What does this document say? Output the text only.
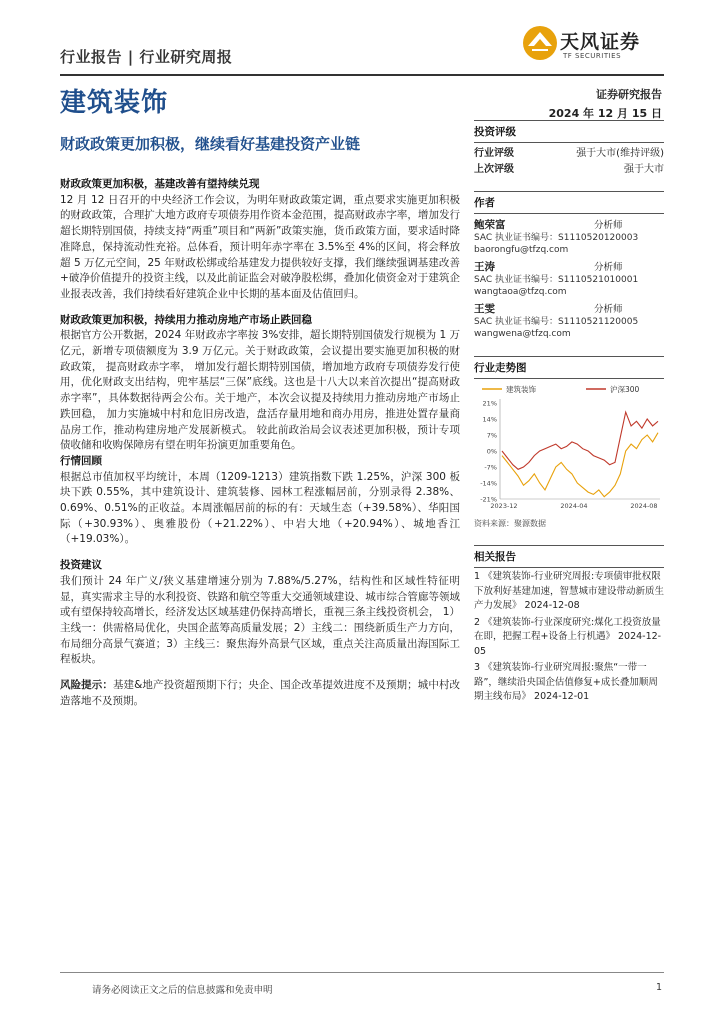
行业报告 | 行业研究周报
天风证券
TF SECURITIES
建筑装饰	证券研究报告
2024 年 12 月 15 日
财政政策更加积极，继续看好基建投资产业链
财政政策更加积极，基建改善有望持续兑现
12 月 12 日召开的中央经济工作会议，为明年财政政策定调，重点要求实施更加积极的财政政策，合理扩大地方政府专项债券用作资本金范围，提高财政赤字率，增加发行超长期特别国债，持续支持“两重”项目和“两新”政策实施，货币政策方面，要求适时降准降息，保持流动性充裕。总体看，预计明年赤字率在 3.5%至 4%的区间，将会释放超 5 万亿元空间，25 年财政松绑或给基建发力提供较好支撑，我们继续强调基建改善+破净价值提升的投资主线，以及此前证监会对破净股松绑，叠加化债资金对于建筑企业报表改善，我们持续看好建筑企业中长期的基本面及估值回归。
财政政策更加积极，持续用力推动房地产市场止跌回稳
根据官方公开数据，2024 年财政赤字率按 3%安排，超长期特别国债发行规模为 1 万亿元，新增专项债额度为 3.9 万亿元。关于财政政策，会议提出要实施更加积极的财政政策， 提高财政赤字率， 增加发行超长期特别国债，增加地方政府专项债券发行使用，优化财政支出结构，兜牢基层“三保”底线。这也是十八大以来首次提出“提高财政赤字率”，具体数据待两会公布。关于地产，本次会议提及持续用力推动房地产市场止跌回稳， 加力实施城中村和危旧房改造，盘活存量用地和商办用房，推进处置存量商品房工作，推动构建房地产发展新模式。 较此前政治局会议表述更加积极，预计专项债收储和收购保障房有望在明年扮演更加重要角色。
行情回顾
根据总市值加权平均统计，本周（1209-1213）建筑指数下跌 1.25%，沪深 300 板块下跌 0.55%，其中建筑设计、建筑装修、园林工程涨幅居前，分别录得 2.38%、0.69%、0.51%的正收益。本周涨幅居前的标的有：天域生态（+39.58%）、华阳国际（+30.93%）、奥雅股份（+21.22%）、中岩大地（+20.94%）、城地香江（+19.03%）。
投资建议
我们预计 24 年广义/狭义基建增速分别为 7.88%/5.27%，结构性和区域性特征明显，真实需求主导的水利投资、铁路和航空等重大交通领域建设、城市综合管廊等领域或有望保持较高增长，经济发达区域基建仍保持高增长，重视三条主线投资机会， 1）主线一：供需格局优化，央国企蓝筹高质量发展；2）主线二：围绕新质生产力方向，布局细分高景气赛道；3）主线三：聚焦海外高景气区域，重点关注高质量出海国际工程板块。
风险提示：基建&地产投资超预期下行；央企、国企改革提效进度不及预期；城中村改造落地不及预期。
投资评级
行业评级	强于大市(维持评级)
上次评级	强于大市
作者
鲍荣富	分析师
SAC 执业证书编号：S1110520120003
baorongfu@tfzq.com
王涛	分析师
SAC 执业证书编号：S1110521010001
wangtaoa@tfzq.com
王雯	分析师
SAC 执业证书编号：S1110521120005
wangwena@tfzq.com
行业走势图
建筑装饰	沪深300
21%
14%
7%
0%
-7%
-14%
-21%
2023-12	2024-04	2024-08
资料来源：聚源数据
相关报告
1 《建筑装饰-行业研究周报:专项债审批权限下放利好基建加速，智慧城市建设带动新质生产力发展》 2024-12-08
2 《建筑装饰-行业深度研究:煤化工投资放量在即，把握工程+设备上行机遇》 2024-12-05
3 《建筑装饰-行业研究周报:聚焦“一带一路”，继续沿央国企估值修复+成长叠加顺周期主线布局》 2024-12-01
请务必阅读正文之后的信息披露和免责申明	1
